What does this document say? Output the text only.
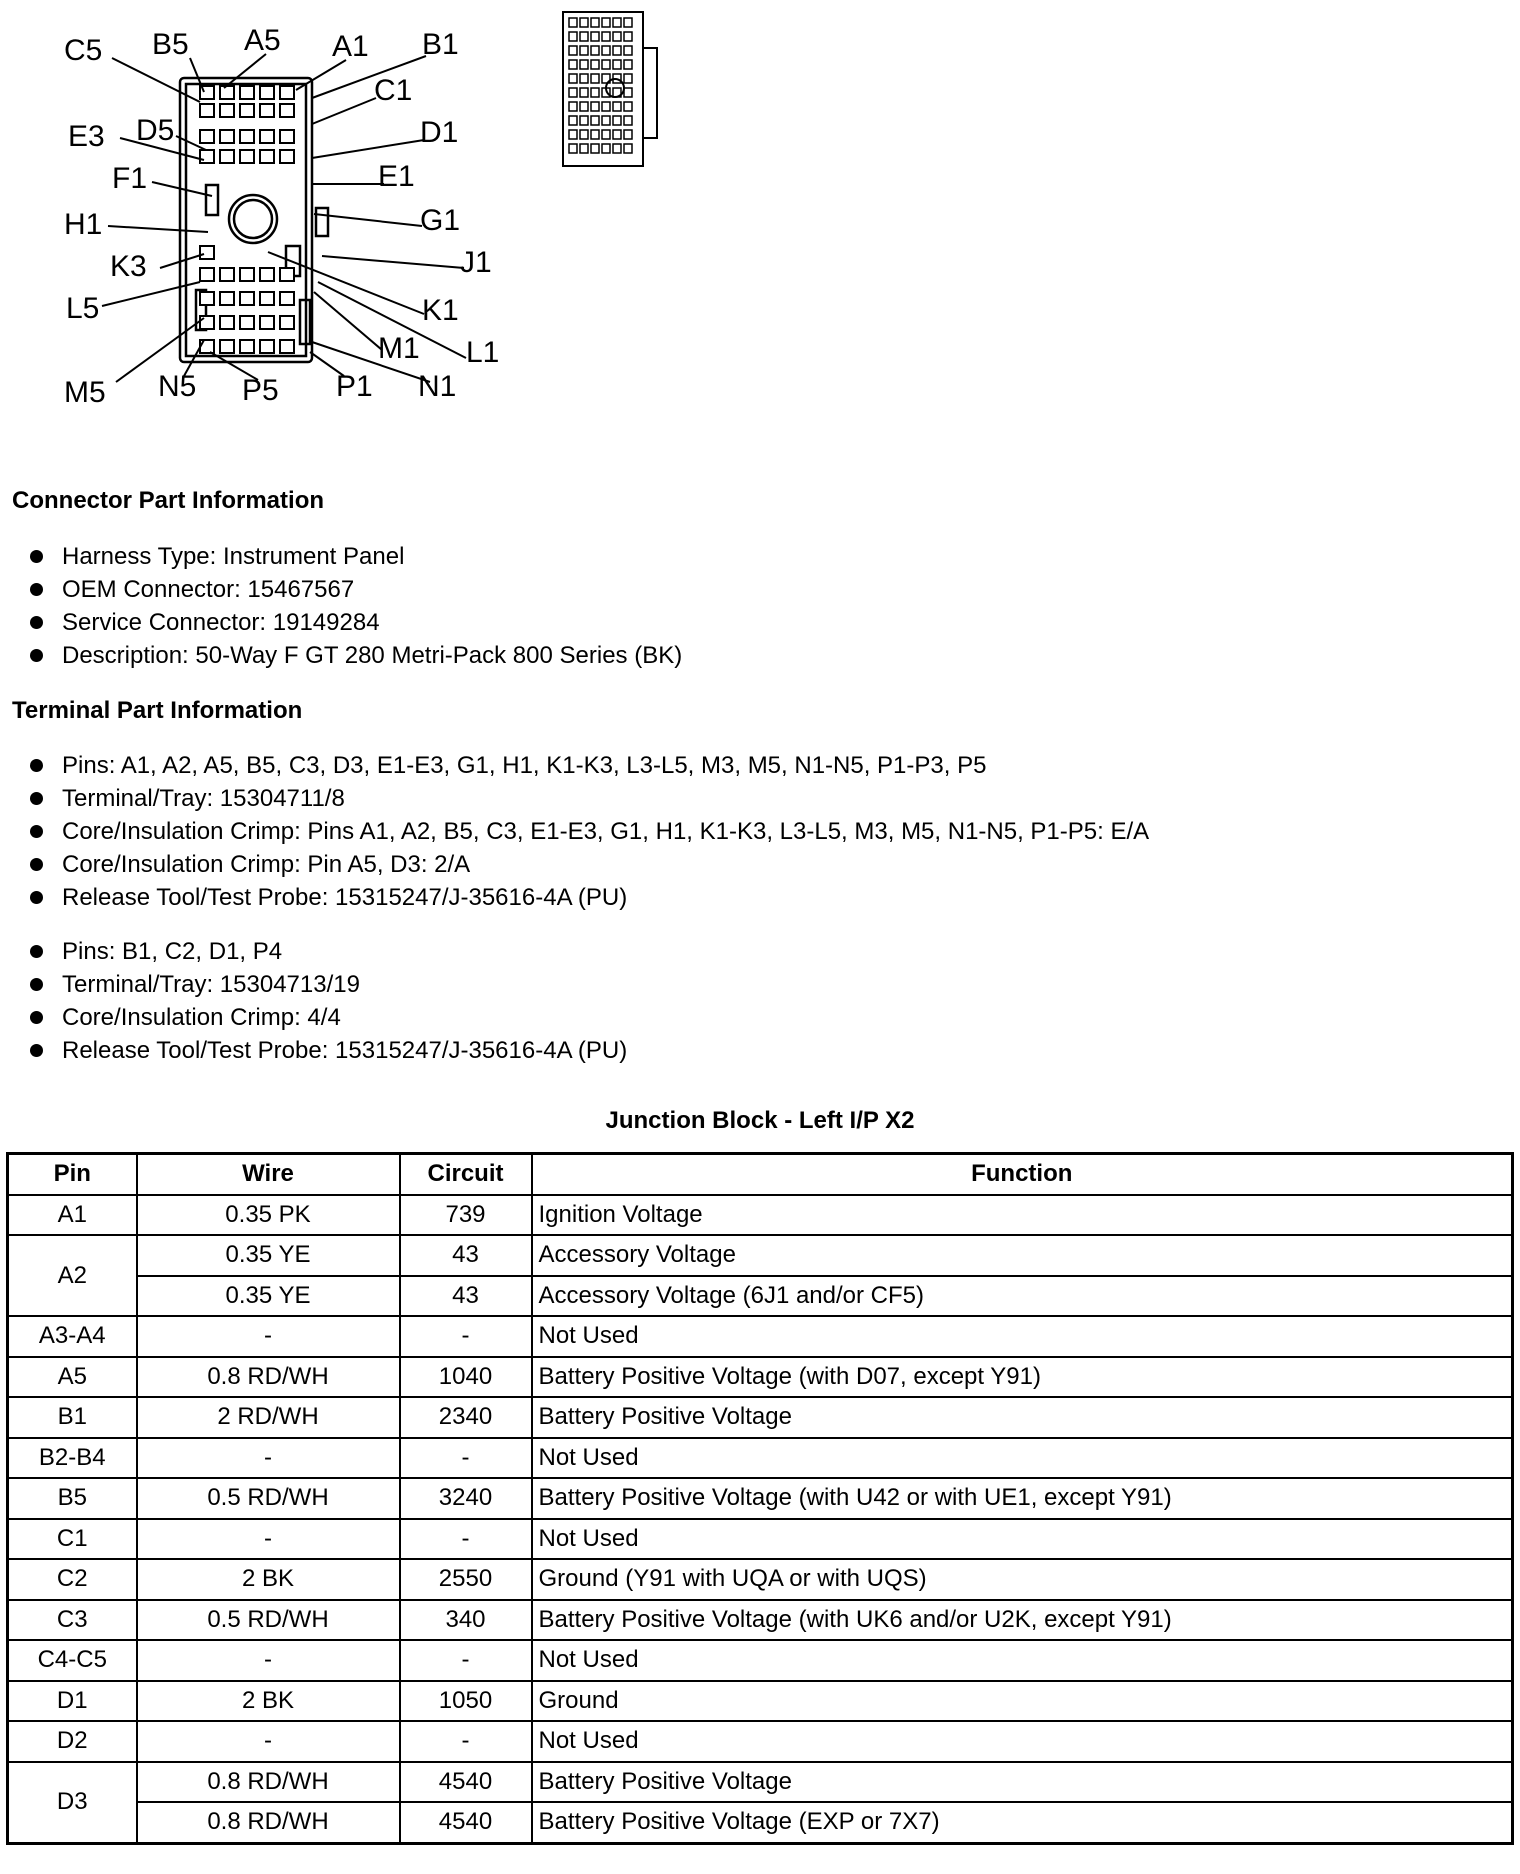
C5 B5 A5 A1 B1
C1
E3 D5	D1
F1	E1
H1	G1
K3	J1
L5	K1
M1 L1
M5 N5 P5 P1 N1
Connector Part Information
Harness Type: Instrument Panel
OEM Connector: 15467567
Service Connector: 19149284
Description: 50-Way F GT 280 Metri-Pack 800 Series (BK)
Terminal Part Information
Pins: A1, A2, A5, B5, C3, D3, E1-E3, G1, H1, K1-K3, L3-L5, M3, M5, N1-N5, P1-P3, P5
Terminal/Tray: 15304711/8
Core/Insulation Crimp: Pins A1, A2, B5, C3, E1-E3, G1, H1, K1-K3, L3-L5, M3, M5, N1-N5, P1-P5: E/A
Core/Insulation Crimp: Pin A5, D3: 2/A
Release Tool/Test Probe: 15315247/J-35616-4A (PU)
Pins: B1, C2, D1, P4
Terminal/Tray: 15304713/19
Core/Insulation Crimp: 4/4
Release Tool/Test Probe: 15315247/J-35616-4A (PU)
Junction Block - Left I/P X2
Pin	Wire	Circuit	Function
A1	0.35 PK	739	Ignition Voltage
A2	0.35 YE	43	Accessory Voltage
	0.35 YE	43	Accessory Voltage (6J1 and/or CF5)
A3-A4	-	-	Not Used
A5	0.8 RD/WH	1040	Battery Positive Voltage (with D07, except Y91)
B1	2 RD/WH	2340	Battery Positive Voltage
B2-B4	-	-	Not Used
B5	0.5 RD/WH	3240	Battery Positive Voltage (with U42 or with UE1, except Y91)
C1	-	-	Not Used
C2	2 BK	2550	Ground (Y91 with UQA or with UQS)
C3	0.5 RD/WH	340	Battery Positive Voltage (with UK6 and/or U2K, except Y91)
C4-C5	-	-	Not Used
D1	2 BK	1050	Ground
D2	-	-	Not Used
D3	0.8 RD/WH	4540	Battery Positive Voltage
	0.8 RD/WH	4540	Battery Positive Voltage (EXP or 7X7)
